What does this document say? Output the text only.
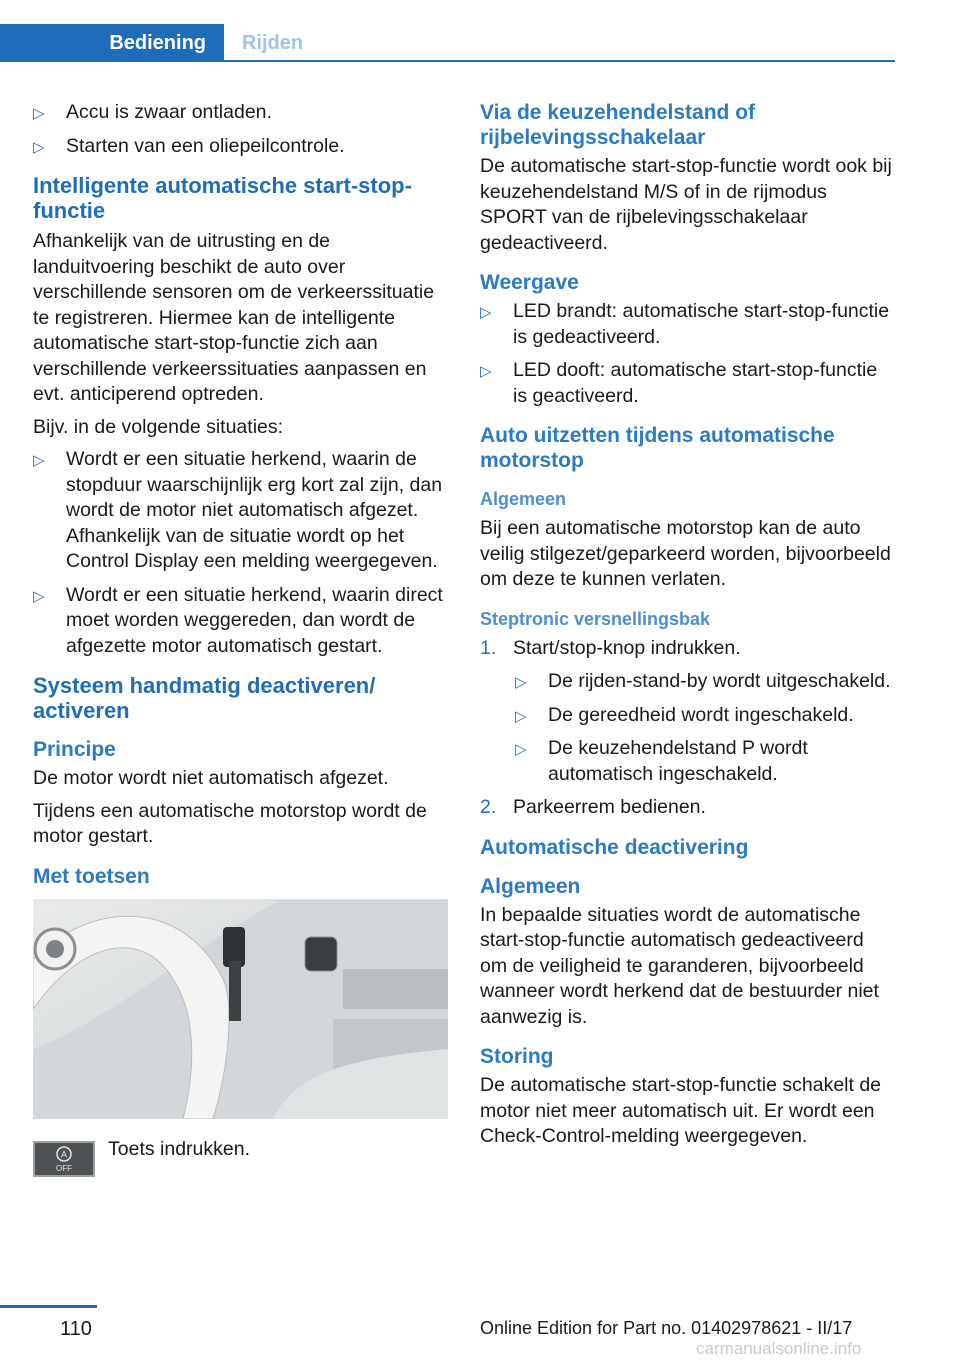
Bediening	Rijden
▷ Accu is zwaar ontladen.
▷ Starten van een oliepeilcontrole.
Intelligente automatische start-stop-functie

Afhankelijk van de uitrusting en de landuitvoering beschikt de auto over verschillende sensoren om de verkeerssituatie te registreren. Hiermee kan de intelligente automatische start-stop-functie zich aan verschillende verkeerssituaties aanpassen en evt. anticiperend optreden.

Bijv. in de volgende situaties:

▷ Wordt er een situatie herkend, waarin de stopduur waarschijnlijk erg kort zal zijn, dan wordt de motor niet automatisch afgezet. Afhankelijk van de situatie wordt op het Control Display een melding weergegeven.
▷ Wordt er een situatie herkend, waarin direct moet worden weggereden, dan wordt de afgezette motor automatisch gestart.
Systeem handmatig deactiveren/ activeren
Principe

De motor wordt niet automatisch afgezet.

Tijdens een automatische motorstop wordt de motor gestart.

Met toetsen
A
OFF
Toets indrukken.
Via de keuzehendelstand of rijbelevingsschakelaar

De automatische start-stop-functie wordt ook bij keuzehendelstand M/S of in de rijmodus SPORT van de rijbelevingsschakelaar gedeactiveerd.

Weergave
▷ LED brandt: automatische start-stop-functie is gedeactiveerd.
▷ LED dooft: automatische start-stop-functie is geactiveerd.
Auto uitzetten tijdens automatische motorstop
Algemeen

Bij een automatische motorstop kan de auto veilig stilgezet/geparkeerd worden, bijvoorbeeld om deze te kunnen verlaten.

Steptronic versnellingsbak
1. Start/stop-knop indrukken.
▷ De rijden-stand-by wordt uitgeschakeld.
▷ De gereedheid wordt ingeschakeld.
▷ De keuzehendelstand P wordt automatisch ingeschakeld.
2. Parkeerrem bedienen.
Automatische deactivering
Algemeen

In bepaalde situaties wordt de automatische start-stop-functie automatisch gedeactiveerd om de veiligheid te garanderen, bijvoorbeeld wanneer wordt herkend dat de bestuurder niet aanwezig is.

Storing

De automatische start-stop-functie schakelt de motor niet meer automatisch uit. Er wordt een Check-Control-melding weergegeven.

110	Online Edition for Part no. 01402978621 - II/17
carmanualsonline.info
